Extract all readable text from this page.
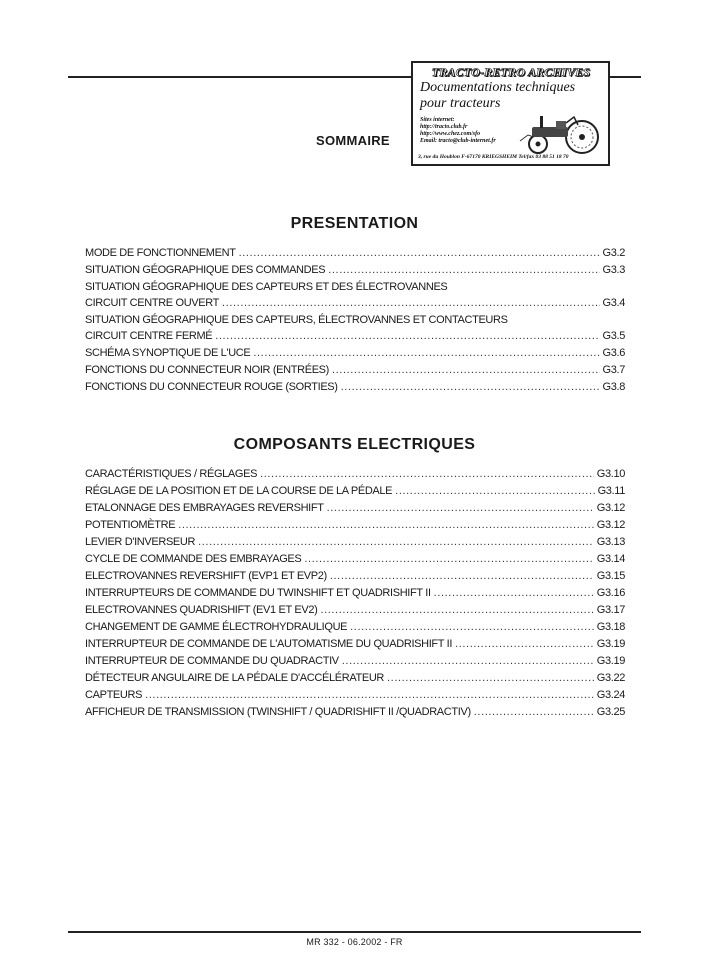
TRACTO-RETRO ARCHIVES
Documentations techniques
pour tracteurs
Sites internet:
http://tracto.club.fr
http://www.chez.com/sfo
Email: tracto@club-internet.fr
3, rue du Houblon F-67170 KRIEGSHEIM Tel/fax 03 88 51 18 70
SOMMAIRE
PRESENTATION
MODE DE FONCTIONNEMENT .....	G3.2
SITUATION GÉOGRAPHIQUE DES COMMANDES .....	G3.3
SITUATION GÉOGRAPHIQUE DES CAPTEURS ET DES ÉLECTROVANNES
CIRCUIT CENTRE OUVERT .....	G3.4
SITUATION GÉOGRAPHIQUE DES CAPTEURS, ÉLECTROVANNES ET CONTACTEURS
CIRCUIT CENTRE FERMÉ .....	G3.5
SCHÉMA SYNOPTIQUE DE L'UCE .....	G3.6
FONCTIONS DU CONNECTEUR NOIR (ENTRÉES) .....	G3.7
FONCTIONS DU CONNECTEUR ROUGE (SORTIES) .....	G3.8
COMPOSANTS ELECTRIQUES
CARACTÉRISTIQUES / RÉGLAGES .....	G3.10
RÉGLAGE DE LA POSITION ET DE LA COURSE DE LA PÉDALE .....	G3.11
ETALONNAGE DES EMBRAYAGES REVERSHIFT .....	G3.12
POTENTIOMÈTRE .....	G3.12
LEVIER D'INVERSEUR .....	G3.13
CYCLE DE COMMANDE DES EMBRAYAGES .....	G3.14
ELECTROVANNES REVERSHIFT (EVP1 ET EVP2) .....	G3.15
INTERRUPTEURS DE COMMANDE DU TWINSHIFT ET QUADRISHIFT II .....	G3.16
ELECTROVANNES QUADRISHIFT (EV1 ET EV2) .....	G3.17
CHANGEMENT DE GAMME ÉLECTROHYDRAULIQUE .....	G3.18
INTERRUPTEUR DE COMMANDE DE L'AUTOMATISME DU QUADRISHIFT II .....	G3.19
INTERRUPTEUR DE COMMANDE DU QUADRACTIV .....	G3.19
DÉTECTEUR ANGULAIRE DE LA PÉDALE D'ACCÉLÉRATEUR .....	G3.22
CAPTEURS .....	G3.24
AFFICHEUR DE TRANSMISSION (TWINSHIFT / QUADRISHIFT II /QUADRACTIV) .....	G3.25
MR 332 - 06.2002 - FR
